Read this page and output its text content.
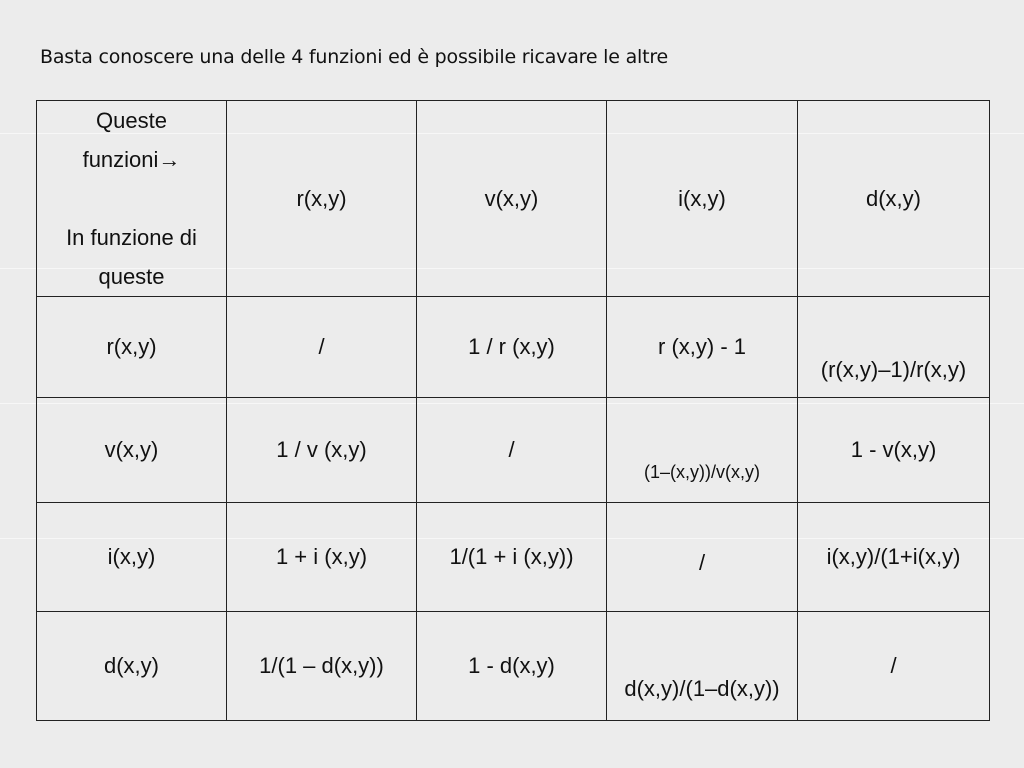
Basta conoscere una delle 4 funzioni ed è possibile ricavare le altre
Queste
funzioni→
In funzione di
queste	r(x,y)	v(x,y)	i(x,y)	d(x,y)
r(x,y)	/	1 / r (x,y)	r (x,y) - 1	(r(x,y)–1)/r(x,y)
v(x,y)	1 / v (x,y)	/	(1–(x,y))/v(x,y)	1 - v(x,y)
i(x,y)	1 + i (x,y)	1/(1 + i (x,y))	/	i(x,y)/(1+i(x,y)
d(x,y)	1/(1 – d(x,y))	1 - d(x,y)	d(x,y)/(1–d(x,y))	/
